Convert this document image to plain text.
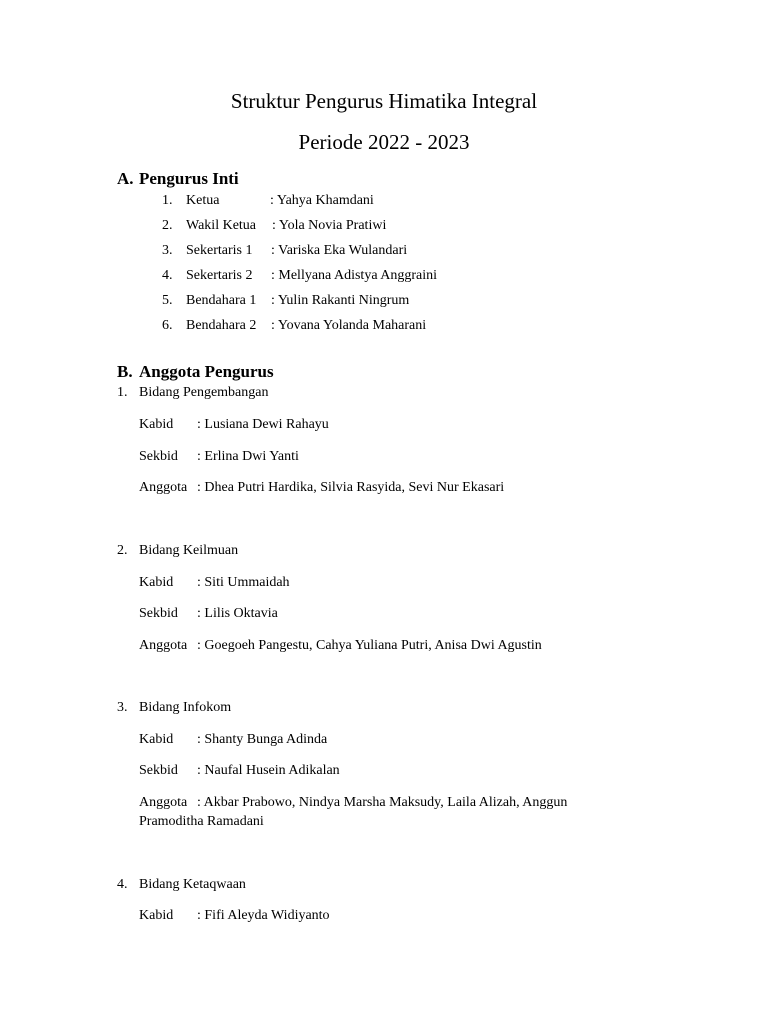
Struktur Pengurus Himatika Integral
Periode 2022 - 2023
A. Pengurus Inti
1. Ketua	: Yahya Khamdani
2. Wakil Ketua : Yola Novia Pratiwi
3. Sekertaris 1 : Variska Eka Wulandari
4. Sekertaris 2 : Mellyana Adistya Anggraini
5. Bendahara 1 : Yulin Rakanti Ningrum
6. Bendahara 2 : Yovana Yolanda Maharani
B. Anggota Pengurus
1. Bidang Pengembangan
Kabid : Lusiana Dewi Rahayu
Sekbid : Erlina Dwi Yanti
Anggota : Dhea Putri Hardika, Silvia Rasyida, Sevi Nur Ekasari
2. Bidang Keilmuan
Kabid : Siti Ummaidah
Sekbid : Lilis Oktavia
Anggota : Goegoeh Pangestu, Cahya Yuliana Putri, Anisa Dwi Agustin
3. Bidang Infokom
Kabid : Shanty Bunga Adinda
Sekbid : Naufal Husein Adikalan
Anggota : Akbar Prabowo, Nindya Marsha Maksudy, Laila Alizah, Anggun
Pramoditha Ramadani
4. Bidang Ketaqwaan
Kabid : Fifi Aleyda Widiyanto
